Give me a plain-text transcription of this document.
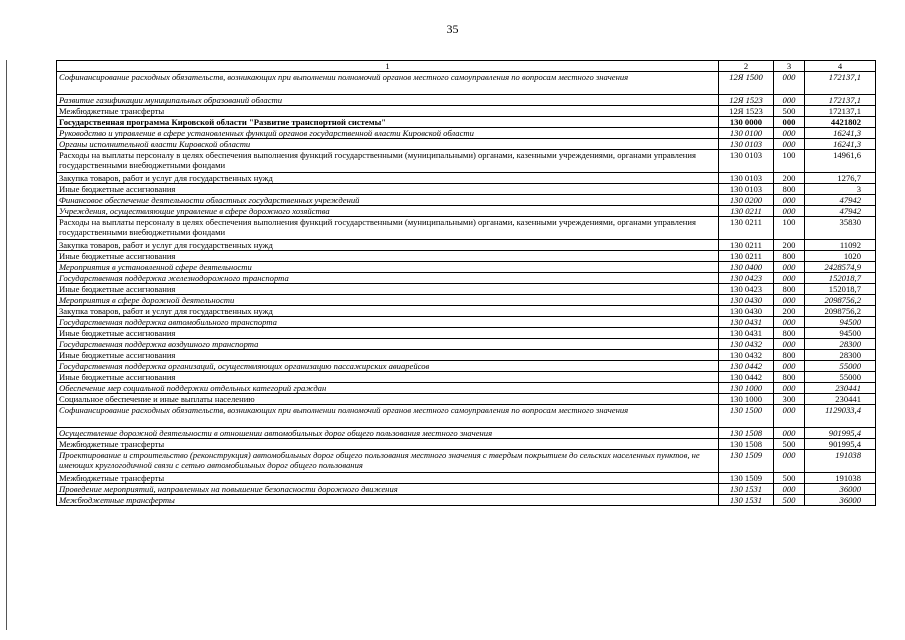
35
1	2	3	4
Софинансирование расходных обязательств, возникающих при выполнении полномочий органов местного самоуправления по вопросам местного значения	12Я 1500	000	172137,1
Развитие газификации муниципальных образований области	12Я 1523	000	172137,1
Межбюджетные трансферты	12Я 1523	500	172137,1
Государственная программа Кировской области "Развитие транспортной системы"	130 0000	000	4421802
Руководство и управление в сфере установленных функций органов государственной власти Кировской области	130 0100	000	16241,3
Органы исполнительной власти Кировской области	130 0103	000	16241,3
Расходы на выплаты персоналу в целях обеспечения выполнения функций государственными (муниципальными) органами, казенными учреждениями, органами управления государственными внебюджетными фондами	130 0103	100	14961,6
Закупка товаров, работ и услуг для государственных нужд	130 0103	200	1276,7
Иные бюджетные ассигнования	130 0103	800	3
Финансовое обеспечение деятельности областных государственных учреждений	130 0200	000	47942
Учреждения, осуществляющие управление в сфере дорожного хозяйства	130 0211	000	47942
Расходы на выплаты персоналу в целях обеспечения выполнения функций государственными (муниципальными) органами, казенными учреждениями, органами управления государственными внебюджетными фондами	130 0211	100	35830
Закупка товаров, работ и услуг для государственных нужд	130 0211	200	11092
Иные бюджетные ассигнования	130 0211	800	1020
Мероприятия в установленной сфере деятельности	130 0400	000	2428574,9
Государственная поддержка железнодорожного транспорта	130 0423	000	152018,7
Иные бюджетные ассигнования	130 0423	800	152018,7
Мероприятия в сфере дорожной деятельности	130 0430	000	2098756,2
Закупка товаров, работ и услуг для государственных нужд	130 0430	200	2098756,2
Государственная поддержка автомобильного транспорта	130 0431	000	94500
Иные бюджетные ассигнования	130 0431	800	94500
Государственная поддержка воздушного транспорта	130 0432	000	28300
Иные бюджетные ассигнования	130 0432	800	28300
Государственная поддержка организаций, осуществляющих организацию пассажирских авиарейсов	130 0442	000	55000
Иные бюджетные ассигнования	130 0442	800	55000
Обеспечение мер социальной поддержки отдельных категорий граждан	130 1000	000	230441
Социальное обеспечение и иные выплаты населению	130 1000	300	230441
Софинансирование расходных обязательств, возникающих при выполнении полномочий органов местного самоуправления по вопросам местного значения	130 1500	000	1129033,4
Осуществление дорожной деятельности в отношении автомобильных дорог общего пользования местного значения	130 1508	000	901995,4
Межбюджетные трансферты	130 1508	500	901995,4
Проектирование и строительство (реконструкция) автомобильных дорог общего пользования местного значения с твердым покрытием до сельских населенных пунктов, не имеющих круглогодичной связи с сетью автомобильных дорог общего пользования	130 1509	000	191038
Межбюджетные трансферты	130 1509	500	191038
Проведение мероприятий, направленных на повышение безопасности дорожного движения	130 1531	000	36000
Межбюджетные трансферты	130 1531	500	36000
